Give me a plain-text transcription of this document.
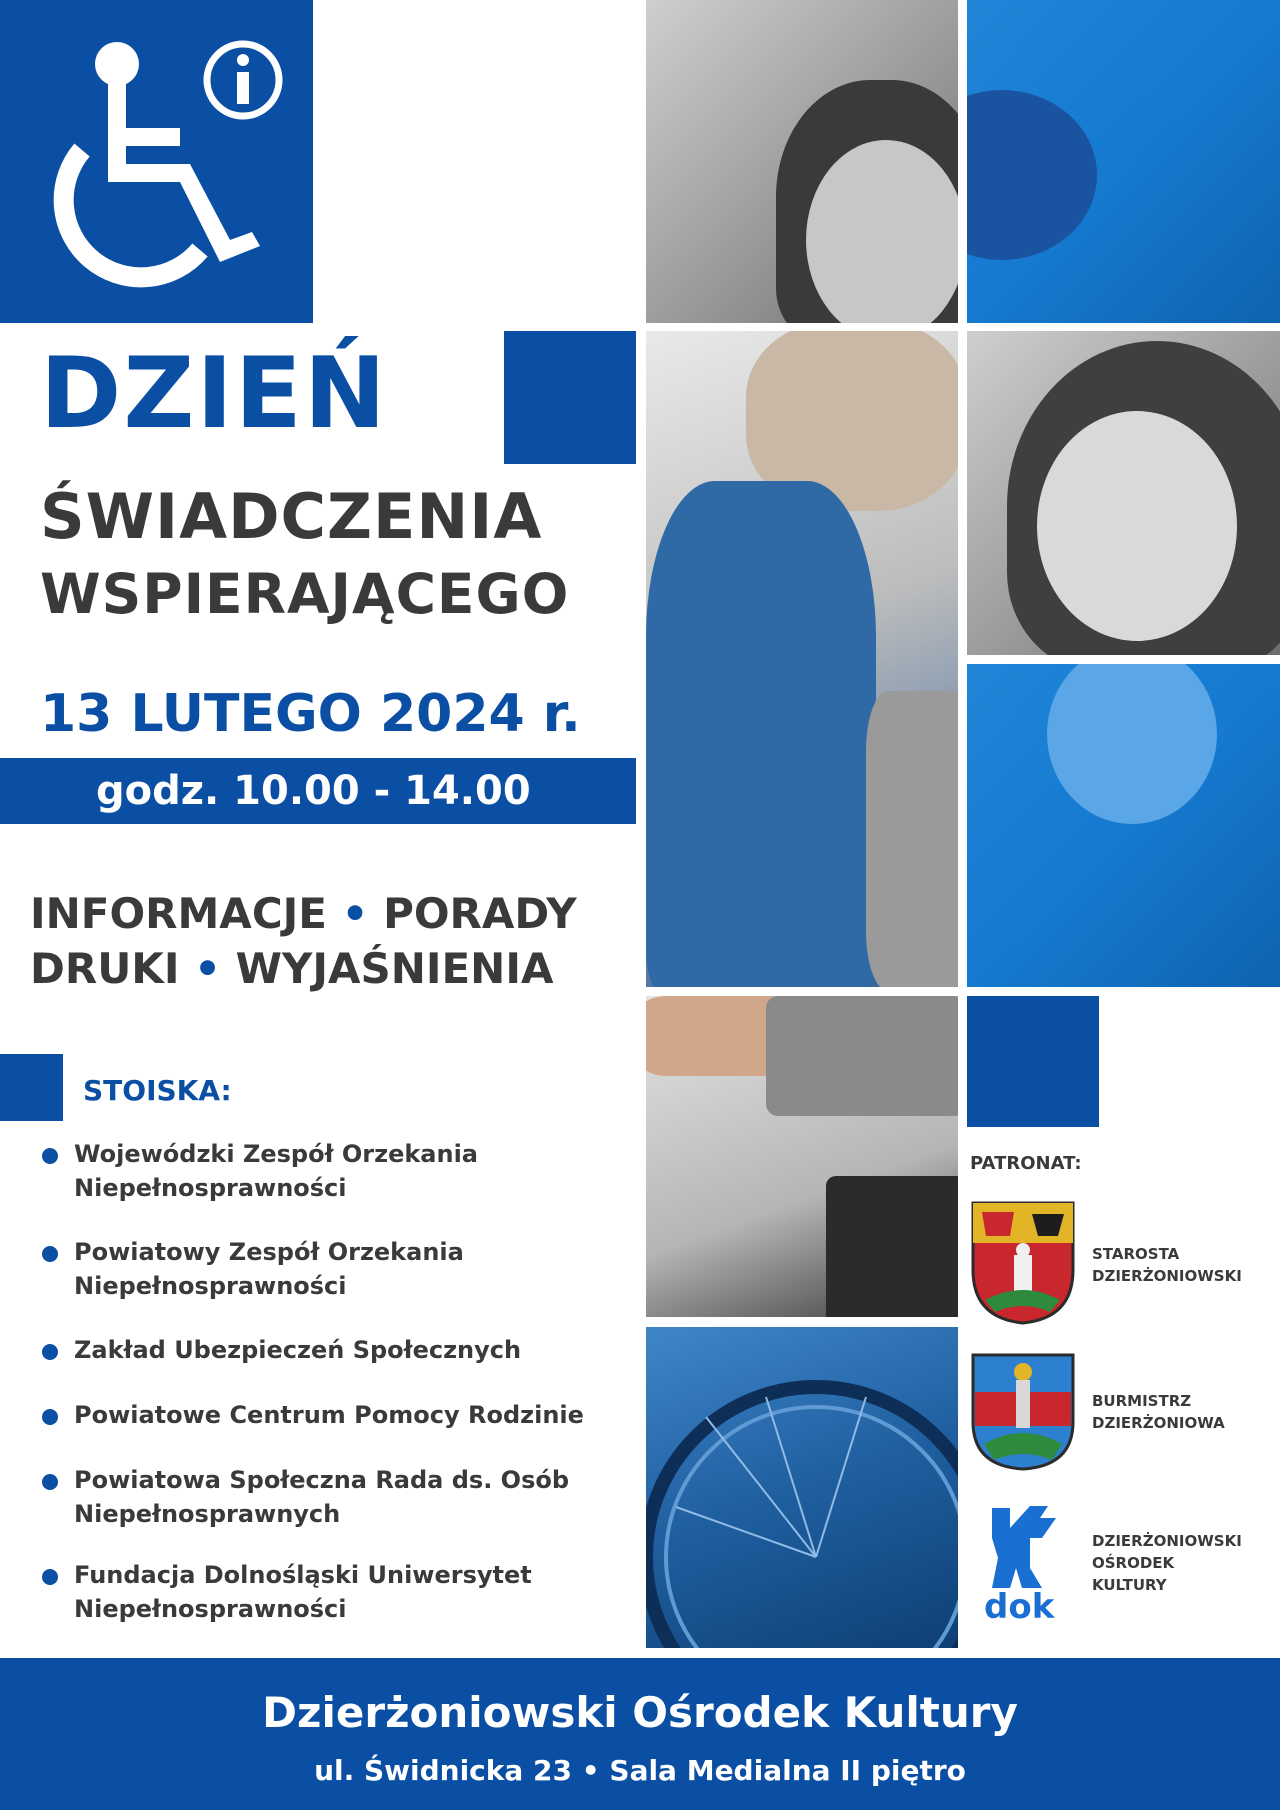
DZIEŃ
ŚWIADCZENIA
WSPIERAJĄCEGO
13 LUTEGO 2024 r.
godz. 10.00 - 14.00
INFORMACJE • PORADY
DRUKI • WYJAŚNIENIA
STOISKA:
Wojewódzki Zespół Orzekania Niepełnosprawności
Powiatowy Zespół Orzekania Niepełnosprawności
Zakład Ubezpieczeń Społecznych
Powiatowe Centrum Pomocy Rodzinie
Powiatowa Społeczna Rada ds. Osób Niepełnosprawnych
Fundacja Dolnośląski Uniwersytet Niepełnosprawności
PATRONAT:
STAROSTA
DZIERŻONIOWSKI
BURMISTRZ
DZIERŻONIOWA
dok
DZIERŻONIOWSKI
OŚRODEK
KULTURY
Dzierżoniowski Ośrodek Kultury
ul. Świdnicka 23 • Sala Medialna II piętro
